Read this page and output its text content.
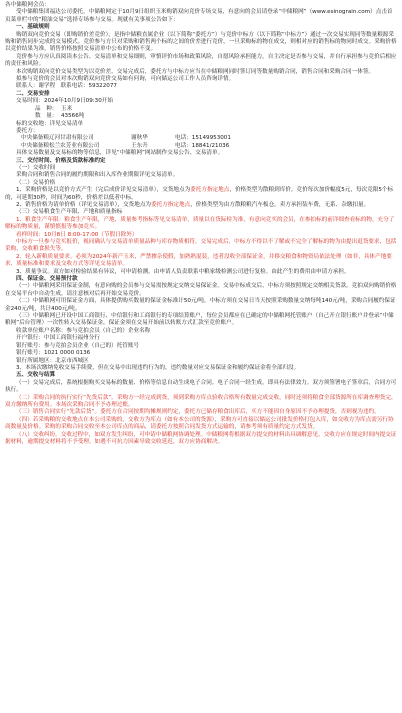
各中储粮网会员：

受中储粮集团福达公司委托，中储粮网定于10月9日组织玉米购销双向竞价专场交易，有意向的会员请登录“中储粮网”（www.esinograin.com）点击首页菜单栏中的“粮油交易”选择专场参与交易。现就有关事项公告如下：

一、基础规则

购销双向竞价交易（即购销价差竞价），是指中储粮直属企业（以下简称“委托方”）与竞价中标方（以下简称“中标方”）通过一次交易实现同等数量粮源采购和销售同步完成的交易模式。竞价参与方只对采购和销售两个标的之间的价差进行竞价，一旦采购标的物在成交，则相对应的销售标的物同时成交。采购价格以竞价结果为准，销售价格按照交易清单中公布的价格不变。

竞价参与方应认真阅读本公告、交易清单和交易细则，审慎评价市场和政策风险，自愿风险承担能力，自主决定是否参与交易，并自行承担参与竞价后相应的责任和风险。

本次购销双向竞价交易类型为以竞价差，交易完成后，委托方与中标方应当在中储粮网同时签订同等数量购销合同，销售合同和采购合同一体签。

拟参与竞价的会员对本次购销双向竞价交易如有问询，可向储运公司工作人员咨询详情。

联系人：谢学程 联系电话：59322077

二、交易安排

交易时间：2024年10月9日09:30开始

品　种： 玉米
数　量： 43566吨

标的交收地：详见交易清单

委托方：

中央储备粮辽河甘肃有限公司	谢秋华	电话：15149953001
中央储备粮松兰农芳业有限公司	王东升	电话：18841/21036

具体交易数量及交易标的物等信息，详见“中储粮网”网站制作交易公告、交易清单。

三、交付时间、价格及货款标准约定

（一）交收时间

采购合同和销售合同的履约期限和出入库作业期限详见交易清单。

（二）交易价格

1、采购价格是以竞价方式产生（完后成价详见交易清单），交货地点为委托方指定地点，价格类型为散粮到库价。竞价每次加价幅度5元，每次竞限5个标的，可延期30秒，时间为60秒，价格差以低者中标。

2、销售价格为请单价格（详见交易清单），交货地点为委托方指定地点，价格类型为由方散粮粮汽车板仓，卖方承担装车费，无系、杂缴扣量。

（三）交易粮食生产年限、产地和质量指标

1、粮食生产年限：粮食生产年限，产地、质量参考指标等见交易清单，质量以在货际检为准，有意向竞买的会员，在参拍标的前详细查看标的物，充分了解标的物质量，谨慎慎报等参加竞买。

看样时间：10月8日 8:00-17:00（节假日除外）

中标方一旦参与竞买报价，视同确认与交易清单质量品种与库存物质相符。交易完成后，中标方不得以不了解或不完全了解标的物为由提出退货要求，包括采购，交收粮食损失等。

2、轮入新粮质量要求。必须为2024年新产玉米，严禁掺杂使假，加熟熟混装，违者没收全部保证金，并移交粮食和物资局依法处理（如非，具体产地要求，质量标准和要求及交收方式等详见交易清单。

3、质量争议。双方如对检验结果有异议，可申请检测。由申请人负责联系中粮家级检测公司进行复检。由此产生的费用由申请方承担。

四、保证金、交易预付款

（一）中储粮网采用保证金制，有意向购的会员参与交易需按规定交纳交易保证金。交易中标成交后，中标方须按照规定交纳相关货款。竞拍双向购销价格在交易平台中自动生成，请注意核对后再开始交易竞价。

（二）中储粮网可用保证金方面，具体提供购买数量的保证金标准计50元/吨，中标方须在交易日当天按照采购数量交纳每吨140元/吨，采购合同履约保证金240元/吨，共计400元/吨。

（三）中储粮网已开设中国工商银行、中信银行和工商银行的专项结算账户，每位会员都应在已确定的中储粮网托管账户（自己开立银行账户并登录“中储粮网”后台管理）一次性转入交易保证金，保证金须在交易开始前以转账方式汇款至竞价账户。

收款单位账户名称：参与竞拍会员（自己的）企业名称

开户银行：中国工商银行福州分行

银行账号：参与竞拍会员企业（自己的）托管账号

银行账号：1021 0000 0136

银行所属地区：北京市西城区

3、本场次缴纳免收交易手续费，但在交易中出现违约行为的，违约数量对应交易保证金和履约保证金将全部归没。

五、交收与结算

（一）交易完成后，系统根据购买交易标的数量、价格等信息自动生成电子合同。电子合同一经生成，即具有法律效力。双方须签署电子签章后，合同方可执行。

（二）采购合同的执行实行“先货后款”。采购方一经完成到货，须到采购方库点验收合格所有数量完成交收，同时还须将粮食全部货源所在库调查理货完，双方缴纳所有费用。本场次采购合同不予办理过账。

（三）销售合同实行“先款后货”。委托方在合同按期均摊规则约定，委托方已储存粮食出库后，买方不能因自身原因不予办理提货，否则视为违约。

（四）若采购粮的交收地点在本公司采购的，交收方为库点（如有本公司的货源），采购方可直接以储运公司批发价格打包入库，如交收方为库点需另行协商数量及价格。采购的采购合同交收至本公司库点的商品，请委托方按照合同发货方式运输的，请参考须有质量约定方式发货。

（八）交收纠纷。交收过程中，如双方发生纠纷，可申请中储粮网协调处理。中储粮网将根据双方提交的材料出具调解意见，交收方应在规定时间内提交证据材料，逾期提交材料将不予受理。如遇不可抗力因素导致交收延迟，双方应协商解决。
